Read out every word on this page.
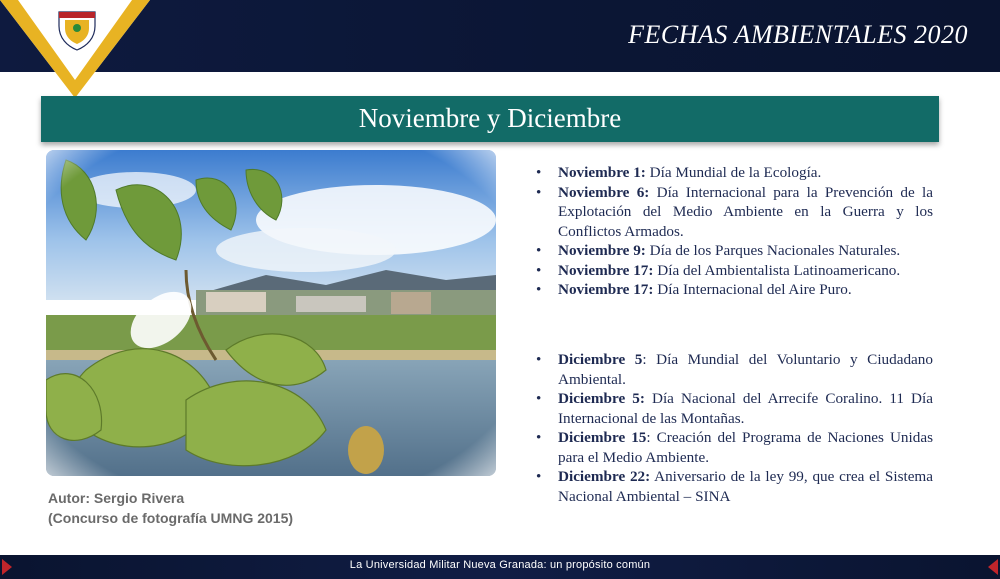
FECHAS AMBIENTALES 2020
Noviembre y Diciembre
Autor: Sergio Rivera
(Concurso de fotografía UMNG 2015)
• Noviembre 1: Día Mundial de la Ecología.
• Noviembre 6: Día Internacional para la Prevención de la Explotación del Medio Ambiente en la Guerra y los Conflictos Armados.
• Noviembre 9: Día de los Parques Nacionales Naturales.
• Noviembre 17: Día del Ambientalista Latinoamericano.
• Noviembre 17: Día Internacional del Aire Puro.
• Diciembre 5: Día Mundial del Voluntario y Ciudadano Ambiental.
• Diciembre 5: Día Nacional del Arrecife Coralino. 11 Día Internacional de las Montañas.
• Diciembre 15: Creación del Programa de Naciones Unidas para el Medio Ambiente.
• Diciembre 22: Aniversario de la ley 99, que crea el Sistema Nacional Ambiental – SINA
La Universidad Militar Nueva Granada: un propósito común
